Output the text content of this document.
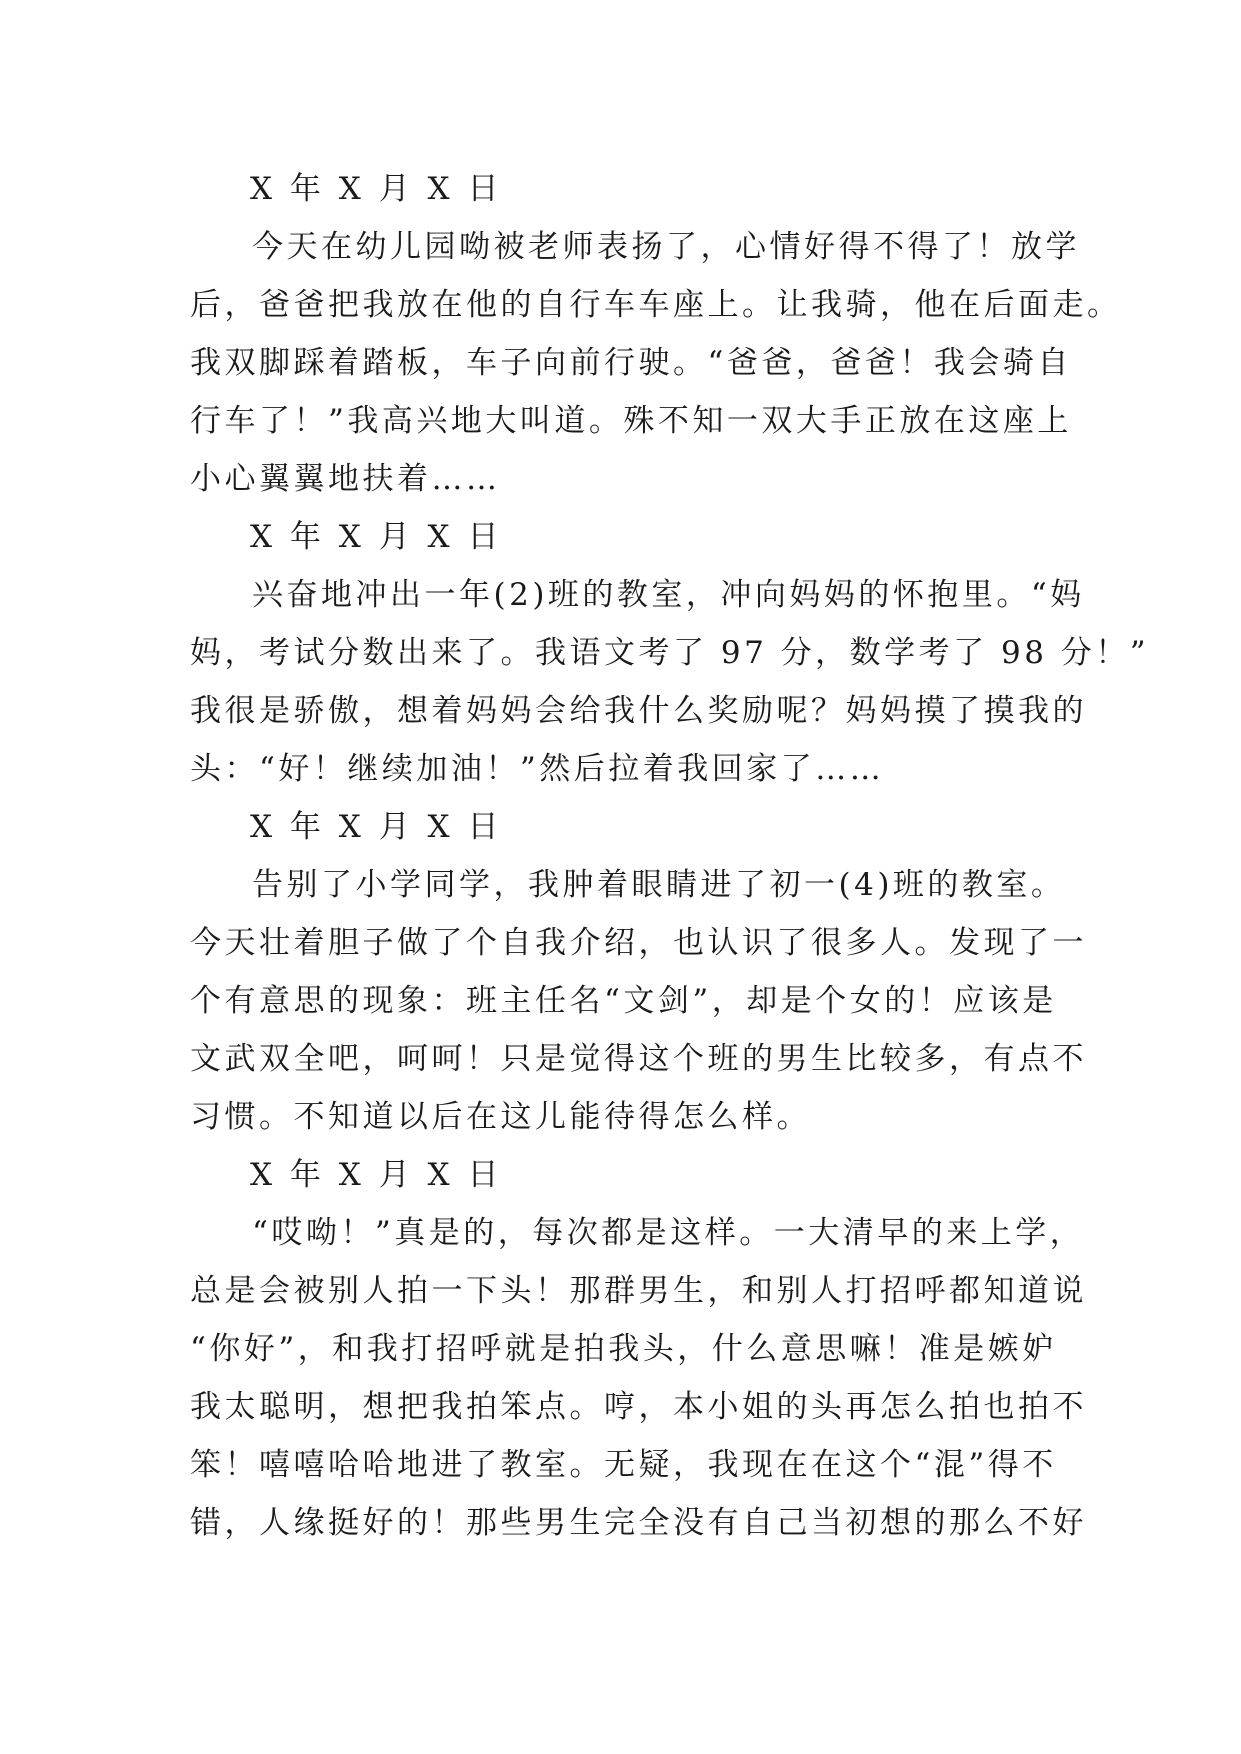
X 年 X 月 X 日
今天在幼儿园呦被老师表扬了，心情好得不得了！放学
后，爸爸把我放在他的自行车车座上。让我骑，他在后面走。
我双脚踩着踏板，车子向前行驶。“爸爸，爸爸！我会骑自
行车了！”我高兴地大叫道。殊不知一双大手正放在这座上
小心翼翼地扶着……
X 年 X 月 X 日
兴奋地冲出一年(2)班的教室，冲向妈妈的怀抱里。“妈
妈，考试分数出来了。我语文考了 97 分，数学考了 98 分！”
我很是骄傲，想着妈妈会给我什么奖励呢？妈妈摸了摸我的
头：“好！继续加油！”然后拉着我回家了……
X 年 X 月 X 日
告别了小学同学，我肿着眼睛进了初一(4)班的教室。
今天壮着胆子做了个自我介绍，也认识了很多人。发现了一
个有意思的现象：班主任名“文剑”，却是个女的！应该是
文武双全吧，呵呵！只是觉得这个班的男生比较多，有点不
习惯。不知道以后在这儿能待得怎么样。
X 年 X 月 X 日
“哎呦！”真是的，每次都是这样。一大清早的来上学，
总是会被别人拍一下头！那群男生，和别人打招呼都知道说
“你好”，和我打招呼就是拍我头，什么意思嘛！准是嫉妒
我太聪明，想把我拍笨点。哼，本小姐的头再怎么拍也拍不
笨！嘻嘻哈哈地进了教室。无疑，我现在在这个“混”得不
错，人缘挺好的！那些男生完全没有自己当初想的那么不好
